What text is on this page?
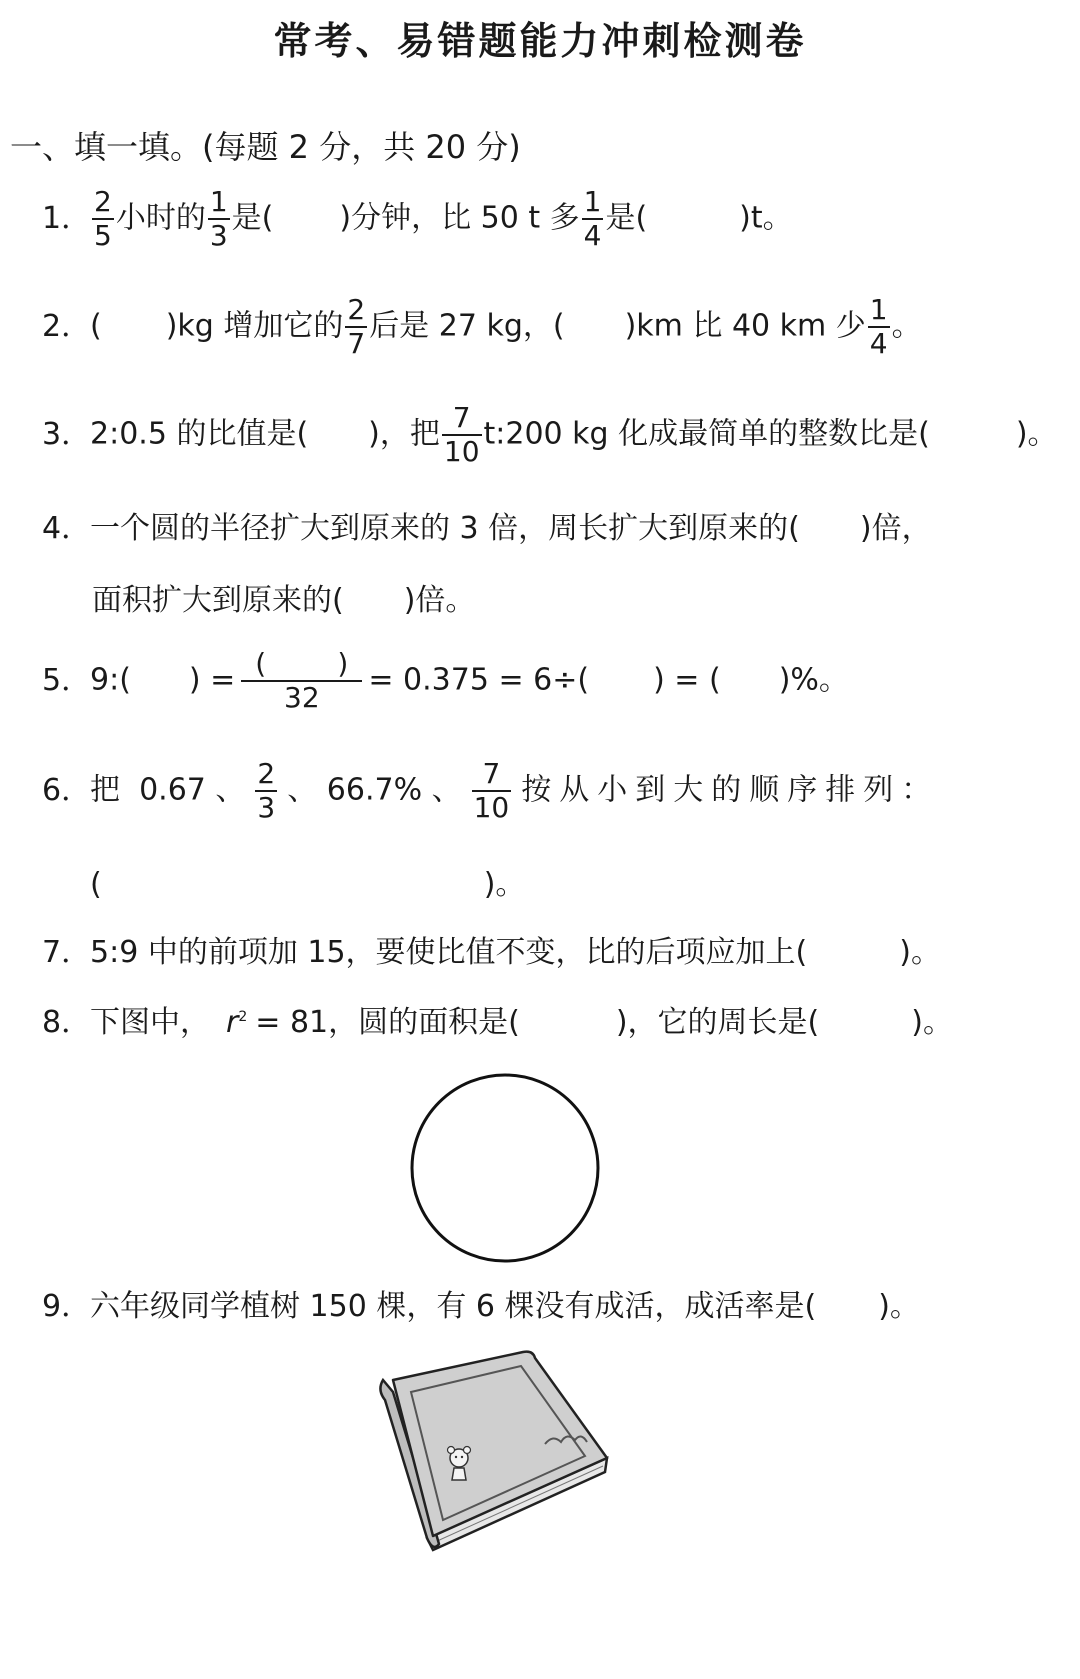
常考、易错题能力冲刺检测卷
一、填一填。(每题 2 分，共 20 分)
1． $\frac{2}{5}$ 小时的 $\frac{1}{3}$ 是( )分钟，比 50 t 多 $\frac{1}{4}$ 是(	)t。
2．( )kg 增加它的 $\frac{2}{7}$ 后是 27 kg，( )km 比 40 km 少 $\frac{1}{4}$ 。
3．2:0.5 的比值是( )，把 $\frac{7}{10}$ t:200 kg 化成最简单的整数比是(	)。
4．一个圆的半径扩大到原来的 3 倍，周长扩大到原来的( )倍，
面积扩大到原来的( )倍。
5．9:( ) = $\frac{( )}{32} = 0.375 = 6\div$( ) = ( )%。
6．把  0.67 、 $\frac{2}{3}$ 、 66.7% 、 $\frac{7}{10}$ 按从小到大的顺序排列：
(	)。
7．5:9 中的前项加 15，要使比值不变，比的后项应加上(	)。
8．下图中， $r^2 = 81$，圆的面积是(	)，它的周长是(	)。
9．六年级同学植树 150 棵，有 6 棵没有成活，成活率是( )。
